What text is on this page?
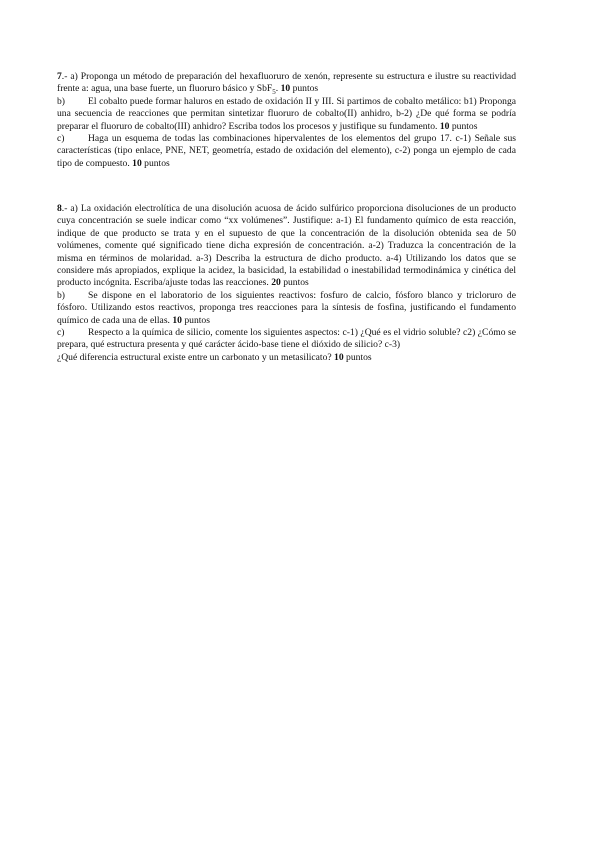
7.- a) Proponga un método de preparación del hexafluoruro de xenón, represente su estructura e ilustre su reactividad frente a: agua, una base fuerte, un fluoruro básico y SbF$_5$. 10 puntos

b) El cobalto puede formar haluros en estado de oxidación II y III. Si partimos de cobalto metálico: b1) Proponga una secuencia de reacciones que permitan sintetizar fluoruro de cobalto(II) anhidro, b-2) ¿De qué forma se podría preparar el fluoruro de cobalto(III) anhidro? Escriba todos los procesos y justifique su fundamento. 10 puntos

c) Haga un esquema de todas las combinaciones hipervalentes de los elementos del grupo 17. c-1) Señale sus características (tipo enlace, PNE, NET, geometría, estado de oxidación del elemento), c-2) ponga un ejemplo de cada tipo de compuesto. 10 puntos

8.- a) La oxidación electrolítica de una disolución acuosa de ácido sulfúrico proporciona disoluciones de un producto cuya concentración se suele indicar como “xx volúmenes”. Justifique: a-1) El fundamento químico de esta reacción, indique de que producto se trata y en el supuesto de que la concentración de la disolución obtenida sea de 50 volúmenes, comente qué significado tiene dicha expresión de concentración. a-2) Traduzca la concentración de la misma en términos de molaridad. a-3) Describa la estructura de dicho producto. a-4) Utilizando los datos que se considere más apropiados, explique la acidez, la basicidad, la estabilidad o inestabilidad termodinámica y cinética del producto incógnita. Escriba/ajuste todas las reacciones. 20 puntos

b) Se dispone en el laboratorio de los siguientes reactivos: fosfuro de calcio, fósforo blanco y tricloruro de fósforo. Utilizando estos reactivos, proponga tres reacciones para la síntesis de fosfina, justificando el fundamento químico de cada una de ellas. 10 puntos

c) Respecto a la química de silicio, comente los siguientes aspectos: c-1) ¿Qué es el vidrio soluble? c2) ¿Cómo se prepara, qué estructura presenta y qué carácter ácido-base tiene el dióxido de silicio? c-3)

¿Qué diferencia estructural existe entre un carbonato y un metasilicato? 10 puntos
